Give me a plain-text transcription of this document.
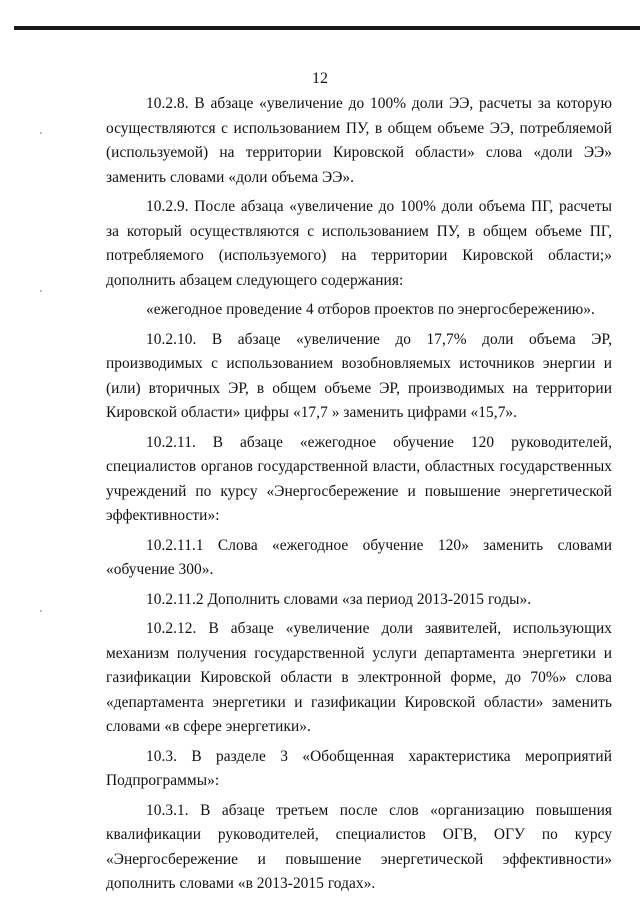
12

10.2.8. В абзаце «увеличение до 100% доли ЭЭ, расчеты за которую осуществляются с использованием ПУ, в общем объеме ЭЭ, потребляемой (используемой) на территории Кировской области» слова «доли ЭЭ» заменить словами «доли объема ЭЭ».

10.2.9. После абзаца «увеличение до 100% доли объема ПГ, расчеты за который осуществляются с использованием ПУ, в общем объеме ПГ, потребляемого (используемого) на территории Кировской области;» дополнить абзацем следующего содержания:

«ежегодное проведение 4 отборов проектов по энергосбережению».

10.2.10. В абзаце «увеличение до 17,7% доли объема ЭР, производимых с использованием возобновляемых источников энергии и (или) вторичных ЭР, в общем объеме ЭР, производимых на территории Кировской области» цифры «17,7 » заменить цифрами «15,7».

10.2.11. В абзаце «ежегодное обучение 120 руководителей, специалистов органов государственной власти, областных государственных учреждений по курсу «Энергосбережение и повышение энергетической эффективности»:

10.2.11.1 Слова «ежегодное обучение 120» заменить словами «обучение 300».

10.2.11.2 Дополнить словами «за период 2013-2015 годы».

10.2.12. В абзаце «увеличение доли заявителей, использующих механизм получения государственной услуги департамента энергетики и газификации Кировской области в электронной форме, до 70%» слова «департамента энергетики и газификации Кировской области» заменить словами «в сфере энергетики».

10.3. В разделе 3 «Обобщенная характеристика мероприятий Подпрограммы»:

10.3.1. В абзаце третьем после слов «организацию повышения квалификации руководителей, специалистов ОГВ, ОГУ по курсу «Энергосбережение и повышение энергетической эффективности» дополнить словами «в 2013-2015 годах».
